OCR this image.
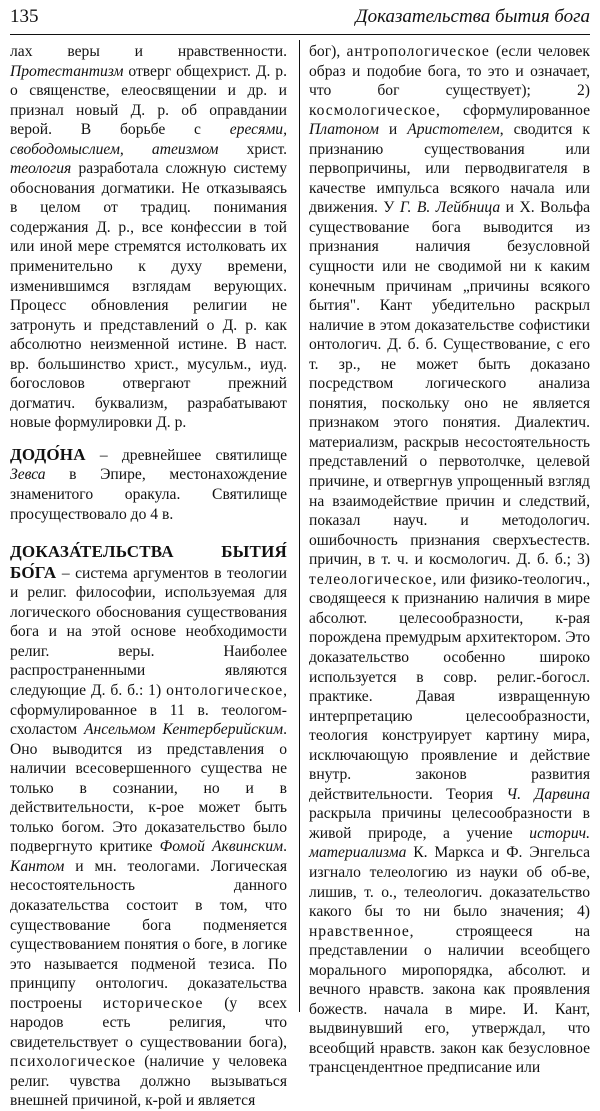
135	Доказательства бытия бога

лах веры и нравственности. Протестантизм отверг общехрист. Д. р. о священстве, елеосвящении и др. и признал новый Д. р. об оправдании верой. В борьбе с ересями, свободомыслием, атеизмом христ. теология разработала сложную систему обоснования догматики. Не отказываясь в целом от традиц. понимания содержания Д. р., все конфессии в той или иной мере стремятся истолковать их применительно к духу времени, изменившимся взглядам верующих. Процесс обновления религии не затронуть и представлений о Д. р. как абсолютно неизменной истине. В наст. вр. большинство христ., мусульм., иуд. богословов отвергают прежний догматич. буквализм, разрабатывают новые формулировки Д. р.

ДОДО́НА – древнейшее святилище Зевса в Эпире, местонахождение знаменитого оракула. Святилище просуществовало до 4 в.

ДОКАЗА́ТЕЛЬСТВА БЫТИЯ́ БО́ГА – система аргументов в теологии и религ. философии, используемая для логического обоснования существования бога и на этой основе необходимости религ. веры. Наиболее распространенными являются следующие Д. б. б.: 1) онтологическое, сформулированное в 11 в. теологом-схоластом Ансельмом Кентерберийским. Оно выводится из представления о наличии всесовершенного существа не только в сознании, но и в действительности, к-рое может быть только богом. Это доказательство было подвергнуто критике Фомой Аквинским. Кантом и мн. теологами. Логическая несостоятельность данного доказательства состоит в том, что существование бога подменяется существованием понятия о боге, в логике это называется подменой тезиса. По принципу онтологич. доказательства построены историческое (у всех народов есть религия, что свидетельствует о существовании бога), психологическое (наличие у человека религ. чувства должно вызываться внешней причиной, к-рой и является

бог), антропологическое (если человек образ и подобие бога, то это и означает, что бог существует); 2) космологическое, сформулированное Платоном и Аристотелем, сводится к признанию существования или первопричины, или перводвигателя в качестве импульса всякого начала или движения. У Г. В. Лейбница и Х. Вольфа существование бога выводится из признания наличия безусловной сущности или не сводимой ни к каким конечным причинам „причины всякого бытия". Кант убедительно раскрыл наличие в этом доказательстве софистики онтологич. Д. б. б. Существование, с его т. зр., не может быть доказано посредством логического анализа понятия, поскольку оно не является признаком этого понятия. Диалектич. материализм, раскрыв несостоятельность представлений о первотолчке, целевой причине, и отвергнув упрощенный взгляд на взаимодействие причин и следствий, показал науч. и методологич. ошибочность признания сверхъестеств. причин, в т. ч. и космологич. Д. б. б.; 3) телеологическое, или физико-теологич., сводящееся к признанию наличия в мире абсолют. целесообразности, к-рая порождена премудрым архитектором. Это доказательство особенно широко используется в совр. религ.-богосл. практике. Давая извращенную интерпретацию целесообразности, теология конструирует картину мира, исключающую проявление и действие внутр. законов развития действительности. Теория Ч. Дарвина раскрыла причины целесообразности в живой природе, а учение историч. материализма К. Маркса и Ф. Энгельса изгнало телеологию из науки об об-ве, лишив, т. о., телеологич. доказательство какого бы то ни было значения; 4) нравственное, строящееся на представлении о наличии всеобщего морального миропорядка, абсолют. и вечного нравств. закона как проявления божеств. начала в мире. И. Кант, выдвинувший его, утверждал, что всеобщий нравств. закон как безусловное трансцендентное предписание или
